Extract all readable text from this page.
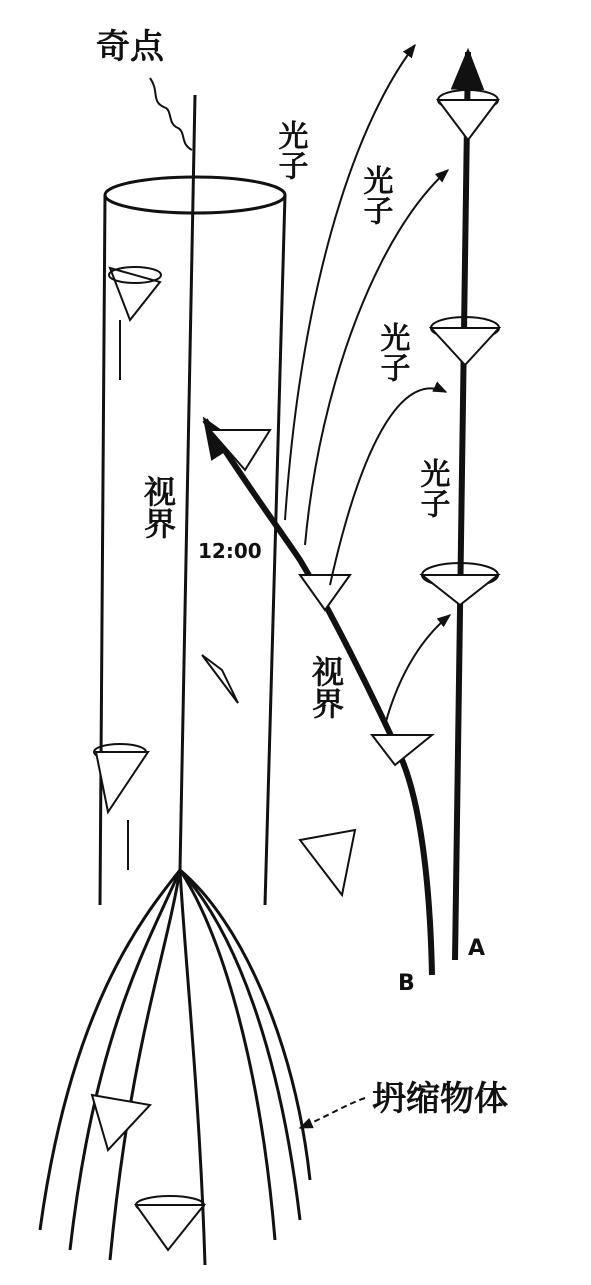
奇点
光子
光子
光子
光子
视界
12:00
视界
A
B
坍缩物体
